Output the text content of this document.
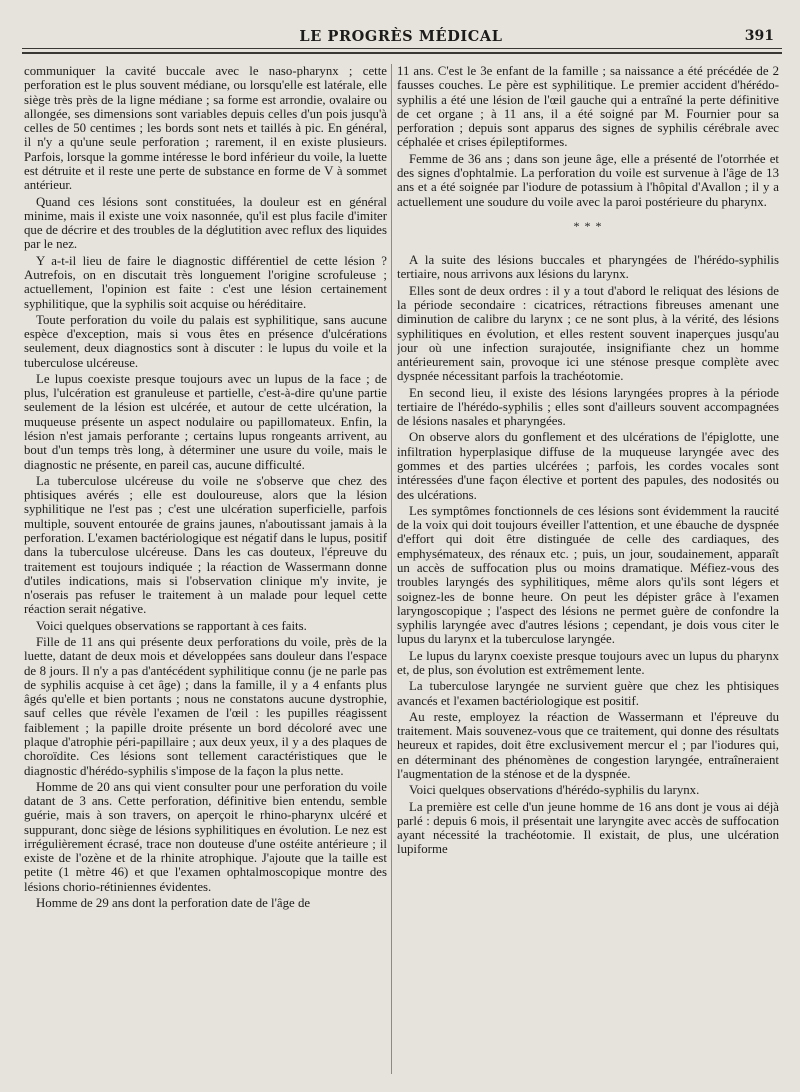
LE PROGRÈS MÉDICAL	391

communiquer la cavité buccale avec le naso-pharynx ; cette perforation est le plus souvent médiane, ou lorsqu'elle est latérale, elle siège très près de la ligne médiane ; sa forme est arrondie, ovalaire ou allongée, ses dimensions sont variables depuis celles d'un pois jusqu'à celles de 50 centimes ; les bords sont nets et taillés à pic. En général, il n'y a qu'une seule perforation ; rarement, il en existe plusieurs. Parfois, lorsque la gomme intéresse le bord inférieur du voile, la luette est détruite et il reste une perte de substance en forme de V à sommet antérieur.

Quand ces lésions sont constituées, la douleur est en général minime, mais il existe une voix nasonnée, qu'il est plus facile d'imiter que de décrire et des troubles de la déglutition avec reflux des liquides par le nez.

Y a-t-il lieu de faire le diagnostic différentiel de cette lésion ? Autrefois, on en discutait très longuement l'origine scrofuleuse ; actuellement, l'opinion est faite : c'est une lésion certainement syphilitique, que la syphilis soit acquise ou héréditaire.

Toute perforation du voile du palais est syphilitique, sans aucune espèce d'exception, mais si vous êtes en présence d'ulcérations seulement, deux diagnostics sont à discuter : le lupus du voile et la tuberculose ulcéreuse.

Le lupus coexiste presque toujours avec un lupus de la face ; de plus, l'ulcération est granuleuse et partielle, c'est-à-dire qu'une partie seulement de la lésion est ulcérée, et autour de cette ulcération, la muqueuse présente un aspect nodulaire ou papillomateux. Enfin, la lésion n'est jamais perforante ; certains lupus rongeants arrivent, au bout d'un temps très long, à déterminer une usure du voile, mais le diagnostic ne présente, en pareil cas, aucune difficulté.

La tuberculose ulcéreuse du voile ne s'observe que chez des phtisiques avérés ; elle est douloureuse, alors que la lésion syphilitique ne l'est pas ; c'est une ulcération superficielle, parfois multiple, souvent entourée de grains jaunes, n'aboutissant jamais à la perforation. L'examen bactériologique est négatif dans le lupus, positif dans la tuberculose ulcéreuse. Dans les cas douteux, l'épreuve du traitement est toujours indiquée ; la réaction de Wassermann donne d'utiles indications, mais si l'observation clinique m'y invite, je n'oserais pas refuser le traitement à un malade pour lequel cette réaction serait négative.

Voici quelques observations se rapportant à ces faits.

Fille de 11 ans qui présente deux perforations du voile, près de la luette, datant de deux mois et développées sans douleur dans l'espace de 8 jours. Il n'y a pas d'antécédent syphilitique connu (je ne parle pas de syphilis acquise à cet âge) ; dans la famille, il y a 4 enfants plus âgés qu'elle et bien portants ; nous ne constatons aucune dystrophie, sauf celles que révèle l'examen de l'œil : les pupilles réagissent faiblement ; la papille droite présente un bord décoloré avec une plaque d'atrophie péri-papillaire ; aux deux yeux, il y a des plaques de choroïdite. Ces lésions sont tellement caractéristiques que le diagnostic d'hérédo-syphilis s'impose de la façon la plus nette.

Homme de 20 ans qui vient consulter pour une perforation du voile datant de 3 ans. Cette perforation, définitive bien entendu, semble guérie, mais à son travers, on aperçoit le rhino-pharynx ulcéré et suppurant, donc siège de lésions syphilitiques en évolution. Le nez est irrégulièrement écrasé, trace non douteuse d'une ostéite antérieure ; il existe de l'ozène et de la rhinite atrophique. J'ajoute que la taille est petite (1 mètre 46) et que l'examen ophtalmoscopique montre des lésions chorio-rétiniennes évidentes.

Homme de 29 ans dont la perforation date de l'âge de

11 ans. C'est le 3e enfant de la famille ; sa naissance a été précédée de 2 fausses couches. Le père est syphilitique. Le premier accident d'hérédo-syphilis a été une lésion de l'œil gauche qui a entraîné la perte définitive de cet organe ; à 11 ans, il a été soigné par M. Fournier pour sa perforation ; depuis sont apparus des signes de syphilis cérébrale avec céphalée et crises épileptiformes.

Femme de 36 ans ; dans son jeune âge, elle a présenté de l'otorrhée et des signes d'ophtalmie. La perforation du voile est survenue à l'âge de 13 ans et a été soignée par l'iodure de potassium à l'hôpital d'Avallon ; il y a actuellement une soudure du voile avec la paroi postérieure du pharynx.

* * *

A la suite des lésions buccales et pharyngées de l'hérédo-syphilis tertiaire, nous arrivons aux lésions du larynx.

Elles sont de deux ordres : il y a tout d'abord le reliquat des lésions de la période secondaire : cicatrices, rétractions fibreuses amenant une diminution de calibre du larynx ; ce ne sont plus, à la vérité, des lésions syphilitiques en évolution, et elles restent souvent inaperçues jusqu'au jour où une infection surajoutée, insignifiante chez un homme antérieurement sain, provoque ici une sténose presque complète avec dyspnée nécessitant parfois la trachéotomie.

En second lieu, il existe des lésions laryngées propres à la période tertiaire de l'hérédo-syphilis ; elles sont d'ailleurs souvent accompagnées de lésions nasales et pharyngées.

On observe alors du gonflement et des ulcérations de l'épiglotte, une infiltration hyperplasique diffuse de la muqueuse laryngée avec des gommes et des parties ulcérées ; parfois, les cordes vocales sont intéressées d'une façon élective et portent des papules, des nodosités ou des ulcérations.

Les symptômes fonctionnels de ces lésions sont évidemment la raucité de la voix qui doit toujours éveiller l'attention, et une ébauche de dyspnée d'effort qui doit être distinguée de celle des cardiaques, des emphysémateux, des rénaux etc. ; puis, un jour, soudainement, apparaît un accès de suffocation plus ou moins dramatique. Méfiez-vous des troubles laryngés des syphilitiques, même alors qu'ils sont légers et soignez-les de bonne heure. On peut les dépister grâce à l'examen laryngoscopique ; l'aspect des lésions ne permet guère de confondre la syphilis laryngée avec d'autres lésions ; cependant, je dois vous citer le lupus du larynx et la tuberculose laryngée.

Le lupus du larynx coexiste presque toujours avec un lupus du pharynx et, de plus, son évolution est extrêmement lente.

La tuberculose laryngée ne survient guère que chez les phtisiques avancés et l'examen bactériologique est positif.

Au reste, employez la réaction de Wassermann et l'épreuve du traitement. Mais souvenez-vous que ce traitement, qui donne des résultats heureux et rapides, doit être exclusivement mercur el ; par l'iodures qui, en déterminant des phénomènes de congestion laryngée, entraîneraient l'augmentation de la sténose et de la dyspnée.

Voici quelques observations d'hérédo-syphilis du larynx.

La première est celle d'un jeune homme de 16 ans dont je vous ai déjà parlé : depuis 6 mois, il présentait une laryngite avec accès de suffocation ayant nécessité la trachéotomie. Il existait, de plus, une ulcération lupiforme
